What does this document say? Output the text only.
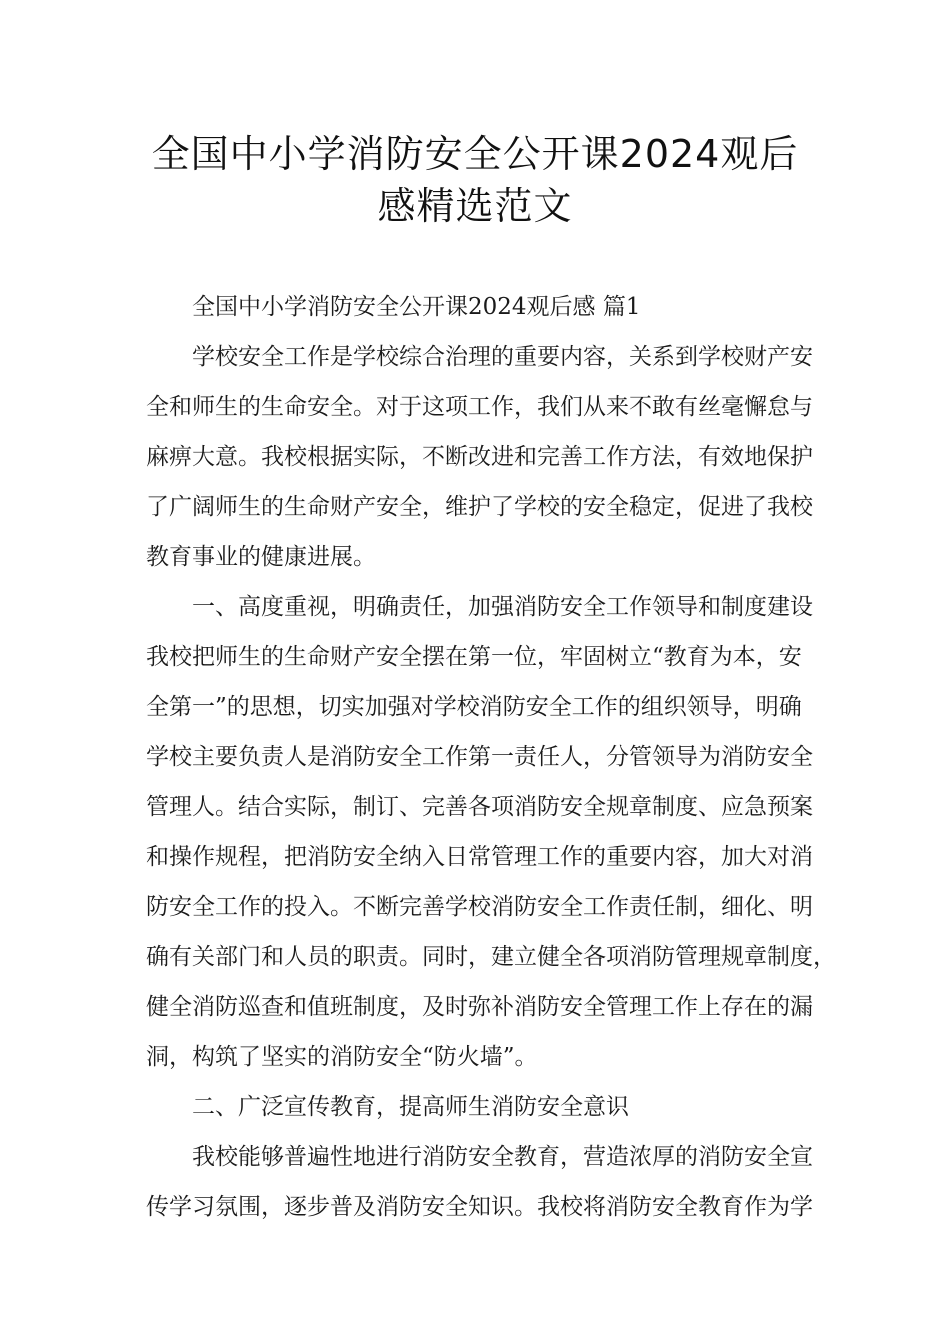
全国中小学消防安全公开课2024观后
感精选范文
全国中小学消防安全公开课2024观后感 篇1
学校安全工作是学校综合治理的重要内容，关系到学校财产安
全和师生的生命安全。对于这项工作，我们从来不敢有丝毫懈怠与
麻痹大意。我校根据实际，不断改进和完善工作方法，有效地保护
了广阔师生的生命财产安全，维护了学校的安全稳定，促进了我校
教育事业的健康进展。
一、高度重视，明确责任，加强消防安全工作领导和制度建设
我校把师生的生命财产安全摆在第一位，牢固树立“教育为本，安
全第一”的思想，切实加强对学校消防安全工作的组织领导，明确
学校主要负责人是消防安全工作第一责任人，分管领导为消防安全
管理人。结合实际，制订、完善各项消防安全规章制度、应急预案
和操作规程，把消防安全纳入日常管理工作的重要内容，加大对消
防安全工作的投入。不断完善学校消防安全工作责任制，细化、明
确有关部门和人员的职责。同时，建立健全各项消防管理规章制度，
健全消防巡查和值班制度，及时弥补消防安全管理工作上存在的漏
洞，构筑了坚实的消防安全“防火墙”。
二、广泛宣传教育，提高师生消防安全意识
我校能够普遍性地进行消防安全教育，营造浓厚的消防安全宣
传学习氛围，逐步普及消防安全知识。我校将消防安全教育作为学
